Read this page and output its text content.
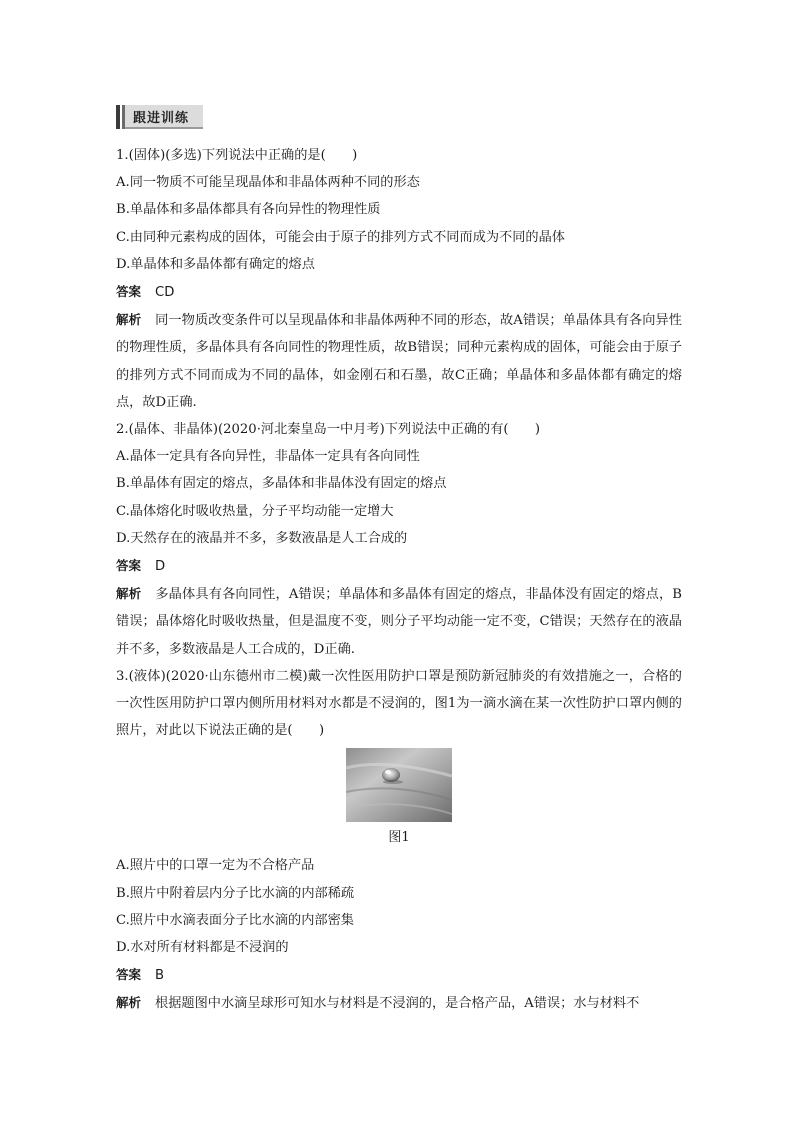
跟进训练
1.(固体)(多选)下列说法中正确的是(　　)
A.同一物质不可能呈现晶体和非晶体两种不同的形态
B.单晶体和多晶体都具有各向异性的物理性质
C.由同种元素构成的固体，可能会由于原子的排列方式不同而成为不同的晶体
D.单晶体和多晶体都有确定的熔点
答案 CD
解析 同一物质改变条件可以呈现晶体和非晶体两种不同的形态，故A错误；单晶体具有各向异性的物理性质，多晶体具有各向同性的物理性质，故B错误；同种元素构成的固体，可能会由于原子的排列方式不同而成为不同的晶体，如金刚石和石墨，故C正确；单晶体和多晶体都有确定的熔点，故D正确.
2.(晶体、非晶体)(2020·河北秦皇岛一中月考)下列说法中正确的有(　　)
A.晶体一定具有各向异性，非晶体一定具有各向同性
B.单晶体有固定的熔点，多晶体和非晶体没有固定的熔点
C.晶体熔化时吸收热量，分子平均动能一定增大
D.天然存在的液晶并不多，多数液晶是人工合成的
答案 D
解析 多晶体具有各向同性，A错误；单晶体和多晶体有固定的熔点，非晶体没有固定的熔点，B错误；晶体熔化时吸收热量，但是温度不变，则分子平均动能一定不变，C错误；天然存在的液晶并不多，多数液晶是人工合成的，D正确.
3.(液体)(2020·山东德州市二模)戴一次性医用防护口罩是预防新冠肺炎的有效措施之一，合格的一次性医用防护口罩内侧所用材料对水都是不浸润的，图1为一滴水滴在某一次性防护口罩内侧的照片，对此以下说法正确的是(　　)
图1
A.照片中的口罩一定为不合格产品
B.照片中附着层内分子比水滴的内部稀疏
C.照片中水滴表面分子比水滴的内部密集
D.水对所有材料都是不浸润的
答案 B
解析 根据题图中水滴呈球形可知水与材料是不浸润的，是合格产品，A错误；水与材料不
